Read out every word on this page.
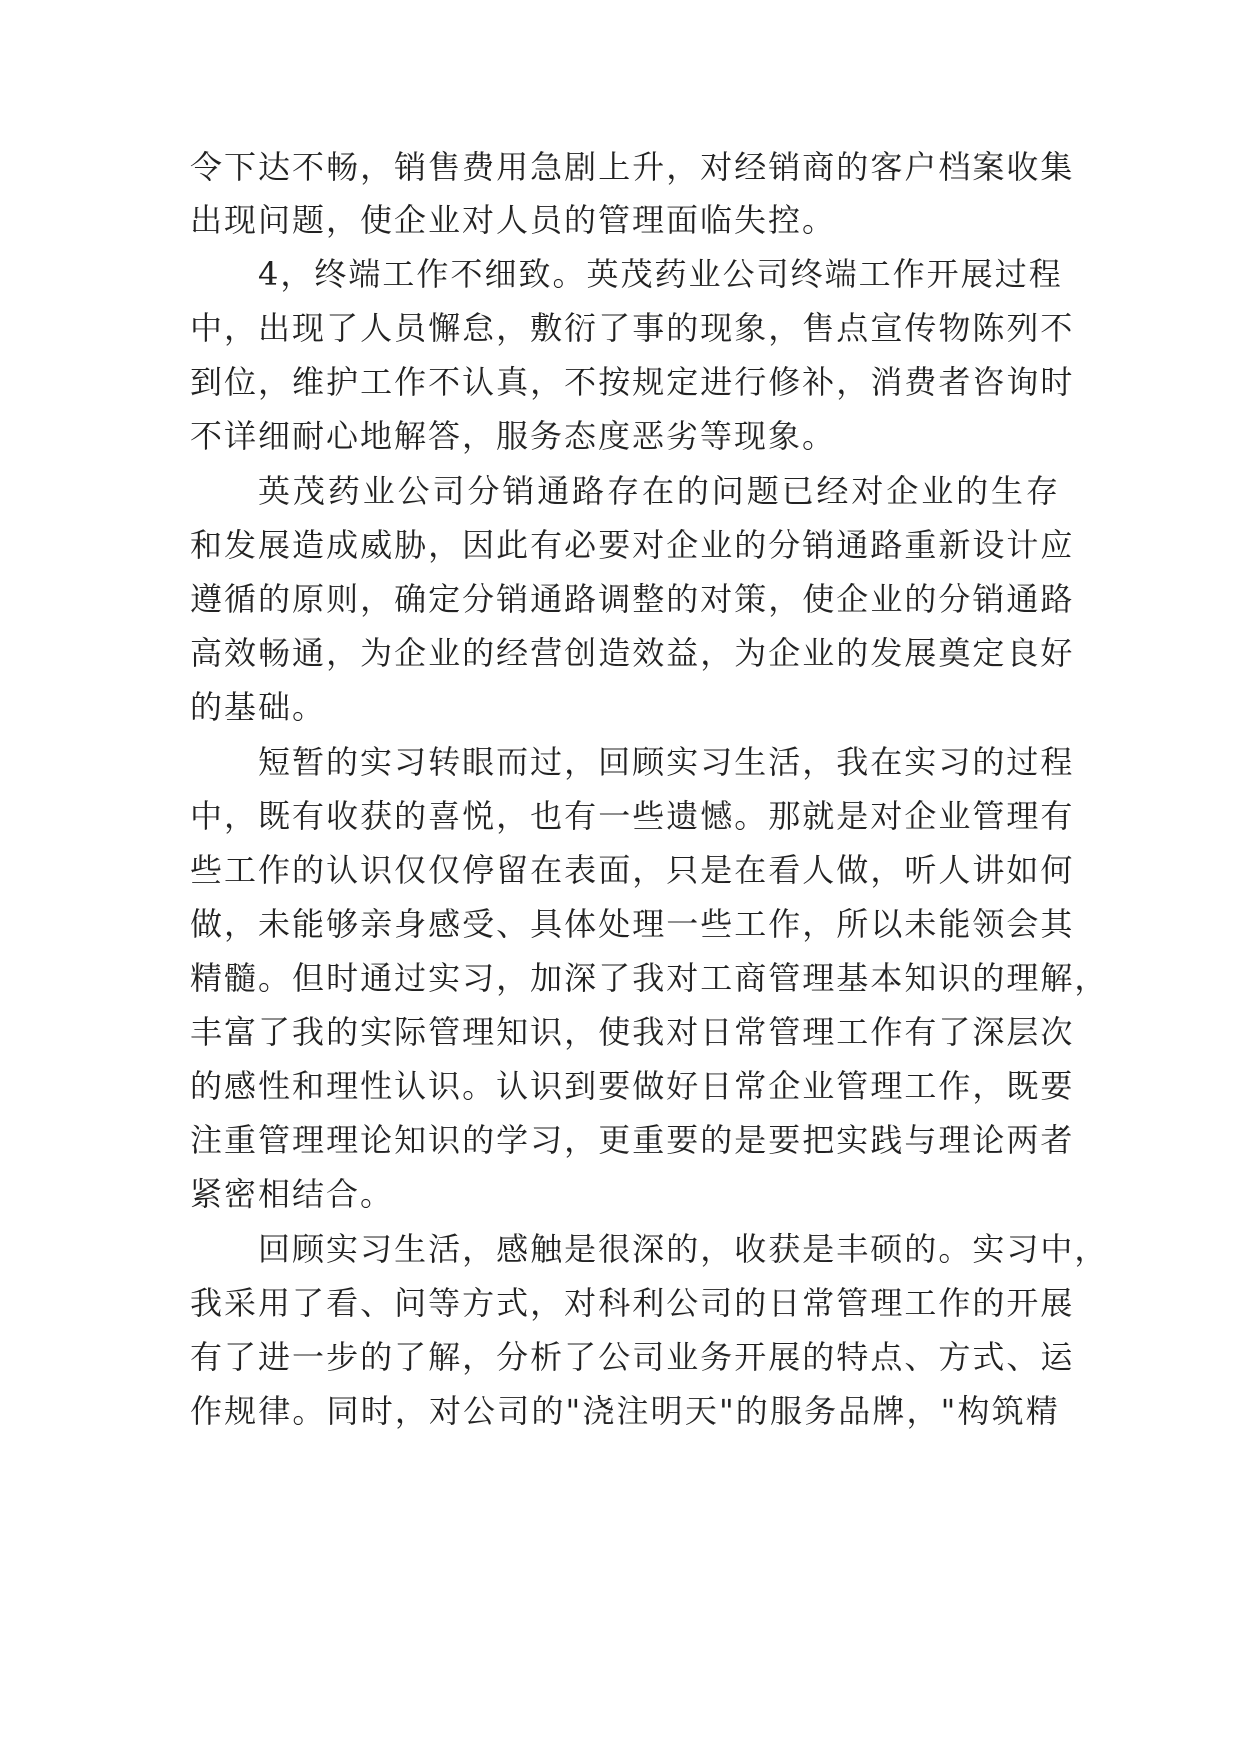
令 下 达 不 畅 ， 销 售 费 用 急 剧 上 升 ， 对 经 销 商 的 客 户 档 案 收 集
出现问题，使企业对人员的管理面临失控。
4 ， 终 端 工 作 不 细 致 。 英 茂 药 业 公 司 终 端 工 作 开 展 过 程
中 ， 出 现 了 人 员 懈 怠 ， 敷 衍 了 事 的 现 象 ， 售 点 宣 传 物 陈 列 不
到 位 ， 维 护 工 作 不 认 真 ， 不 按 规 定 进 行 修 补 ， 消 费 者 咨 询 时
不详细耐心地解答，服务态度恶劣等现象。
英 茂 药 业 公 司 分 销 通 路 存 在 的 问 题 已 经 对 企 业 的 生 存
和 发 展 造 成 威 胁 ， 因 此 有 必 要 对 企 业 的 分 销 通 路 重 新 设 计 应
遵 循 的 原 则 ， 确 定 分 销 通 路 调 整 的 对 策 ， 使 企 业 的 分 销 通 路
高 效 畅 通 ， 为 企 业 的 经 营 创 造 效 益 ， 为 企 业 的 发 展 奠 定 良 好
的基础。
短 暂 的 实 习 转 眼 而 过 ， 回 顾 实 习 生 活 ， 我 在 实 习 的 过 程
中 ， 既 有 收 获 的 喜 悦 ， 也 有 一 些 遗 憾 。 那 就 是 对 企 业 管 理 有
些 工 作 的 认 识 仅 仅 停 留 在 表 面 ， 只 是 在 看 人 做 ， 听 人 讲 如 何
做 ， 未 能 够 亲 身 感 受 、 具 体 处 理 一 些 工 作 ， 所 以 未 能 领 会 其
精 髓 。 但 时 通 过 实 习 ， 加 深 了 我 对 工 商 管 理 基 本 知 识 的 理 解 ，
丰 富 了 我 的 实 际 管 理 知 识 ， 使 我 对 日 常 管 理 工 作 有 了 深 层 次
的 感 性 和 理 性 认 识 。 认 识 到 要 做 好 日 常 企 业 管 理 工 作 ， 既 要
注 重 管 理 理 论 知 识 的 学 习 ， 更 重 要 的 是 要 把 实 践 与 理 论 两 者
紧密相结合。
回 顾 实 习 生 活 ， 感 触 是 很 深 的 ， 收 获 是 丰 硕 的 。 实 习 中 ，
我 采 用 了 看 、 问 等 方 式 ， 对 科 利 公 司 的 日 常 管 理 工 作 的 开 展
有 了 进 一 步 的 了 解 ， 分 析 了 公 司 业 务 开 展 的 特 点 、 方 式 、 运
作 规 律 。 同 时 ， 对 公 司 的 " 浇 注 明 天 " 的 服 务 品 牌 ， " 构 筑 精
